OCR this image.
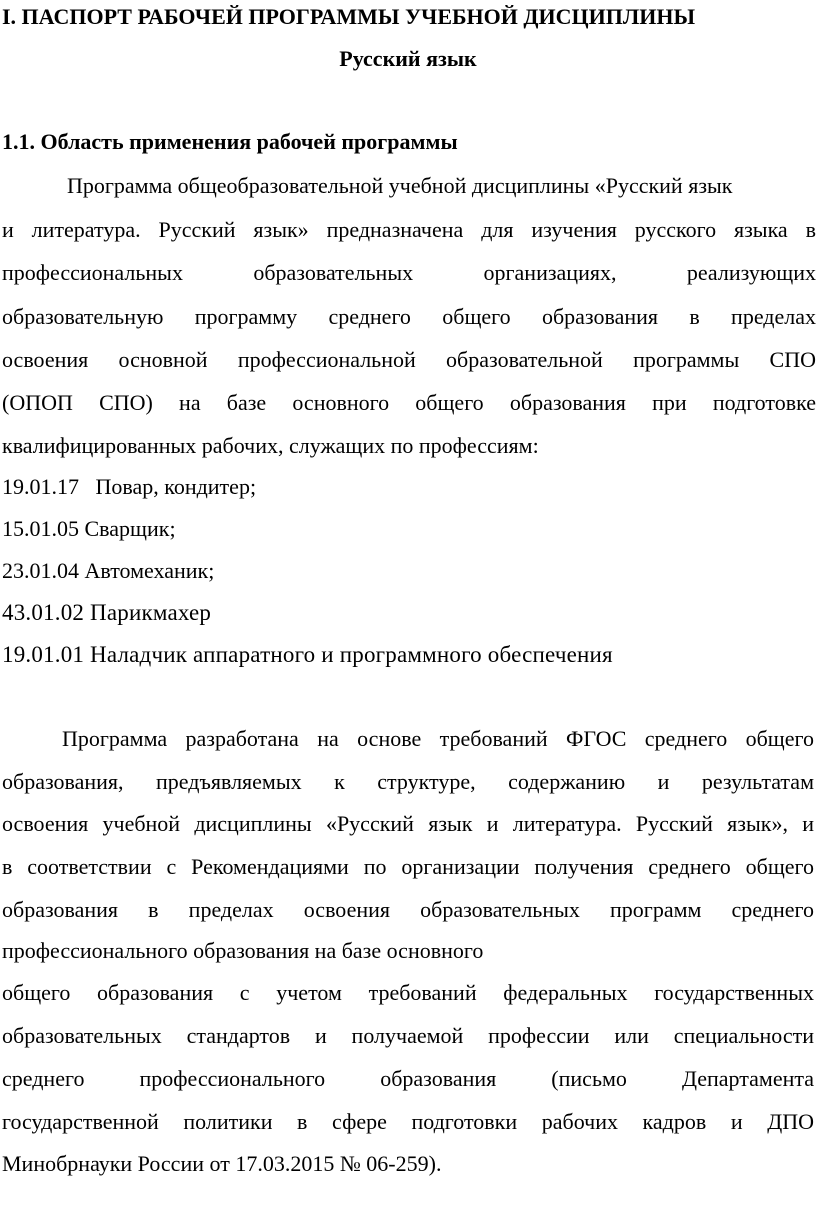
I. ПАСПОРТ РАБОЧЕЙ ПРОГРАММЫ УЧЕБНОЙ ДИСЦИПЛИНЫ
Русский язык
1.1. Область применения рабочей программы
Программа общеобразовательной учебной дисциплины «Русский язык
и литература. Русский язык» предназначена для изучения русского языка в
профессиональных образовательных организациях, реализующих
образовательную программу среднего общего образования в пределах
освоения основной профессиональной образовательной программы СПО
(ОПОП СПО) на базе основного общего образования при подготовке
квалифицированных рабочих, служащих по профессиям:
19.01.17   Повар, кондитер;
15.01.05 Сварщик;
23.01.04 Автомеханик;
43.01.02 Парикмахер
19.01.01 Наладчик аппаратного и программного обеспечения
Программа разработана на основе требований ФГОС среднего общего
образования, предъявляемых к структуре, содержанию и результатам
освоения учебной дисциплины «Русский язык и литература. Русский язык», и
в соответствии с Рекомендациями по организации получения среднего общего
образования в пределах освоения образовательных программ среднего
профессионального образования на базе основного
общего образования с учетом требований федеральных государственных
образовательных стандартов и получаемой профессии или специальности
среднего профессионального образования (письмо Департамента
государственной политики в сфере подготовки рабочих кадров и ДПО
Минобрнауки России от 17.03.2015 № 06-259).
